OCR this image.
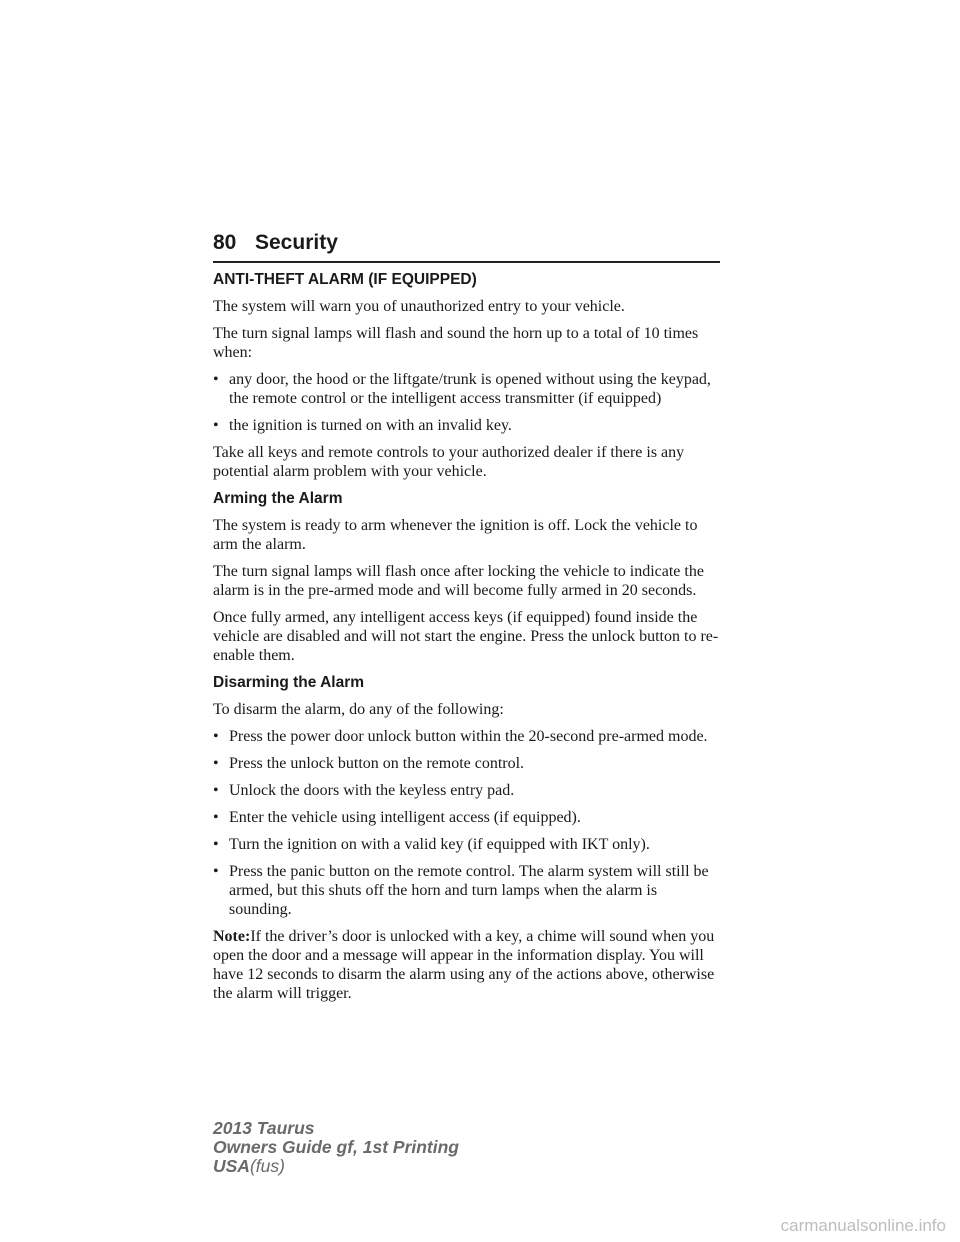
80 Security
ANTI-THEFT ALARM (IF EQUIPPED)

The system will warn you of unauthorized entry to your vehicle.

The turn signal lamps will flash and sound the horn up to a total of 10 times when:

• any door, the hood or the liftgate/trunk is opened without using the keypad, the remote control or the intelligent access transmitter (if equipped)
• the ignition is turned on with an invalid key.

Take all keys and remote controls to your authorized dealer if there is any potential alarm problem with your vehicle.

Arming the Alarm

The system is ready to arm whenever the ignition is off. Lock the vehicle to arm the alarm.

The turn signal lamps will flash once after locking the vehicle to indicate the alarm is in the pre-armed mode and will become fully armed in 20 seconds.

Once fully armed, any intelligent access keys (if equipped) found inside the vehicle are disabled and will not start the engine. Press the unlock button to re-enable them.

Disarming the Alarm

To disarm the alarm, do any of the following:

• Press the power door unlock button within the 20-second pre-armed mode.
• Press the unlock button on the remote control.
• Unlock the doors with the keyless entry pad.
• Enter the vehicle using intelligent access (if equipped).
• Turn the ignition on with a valid key (if equipped with IKT only).
• Press the panic button on the remote control. The alarm system will still be armed, but this shuts off the horn and turn lamps when the alarm is sounding.

Note:If the driver’s door is unlocked with a key, a chime will sound when you open the door and a message will appear in the information display. You will have 12 seconds to disarm the alarm using any of the actions above, otherwise the alarm will trigger.

2013 Taurus
Owners Guide gf, 1st Printing
USA(fus)
carmanualsonline.info
